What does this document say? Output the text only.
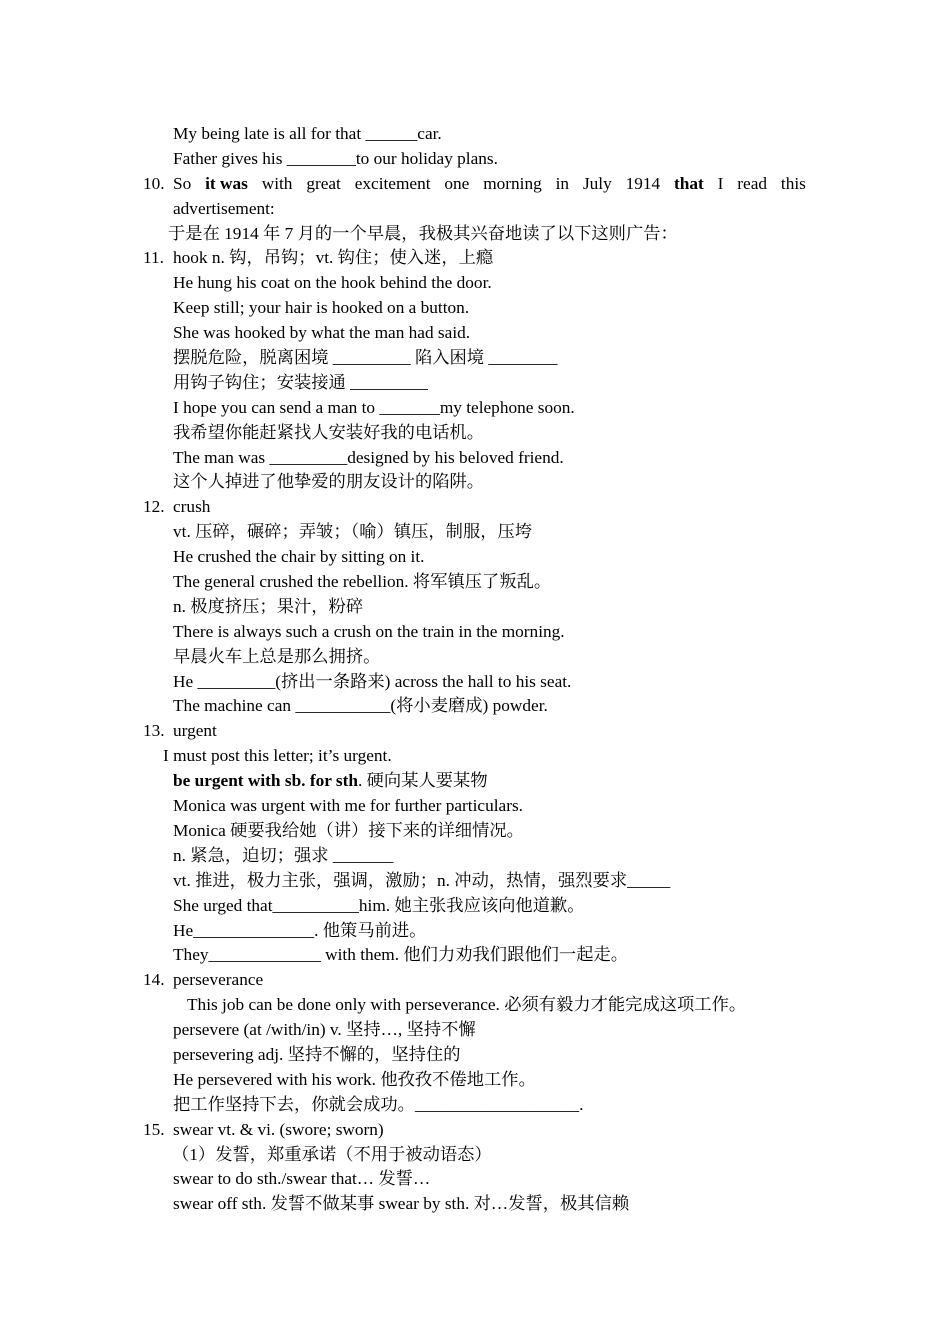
My being late is all for that ______car.
Father gives his ________to our holiday plans.
10. So it was with great excitement one morning in July 1914 that I read this
advertisement:
于是在 1914 年 7 月的一个早晨，我极其兴奋地读了以下这则广告：
11. hook n. 钩，吊钩；vt. 钩住；使入迷，上瘾
He hung his coat on the hook behind the door.
Keep still; your hair is hooked on a button.
She was hooked by what the man had said.
摆脱危险，脱离困境 _________ 陷入困境 ________
用钩子钩住；安装接通 _________
I hope you can send a man to _______my telephone soon.
我希望你能赶紧找人安装好我的电话机。
The man was _________designed by his beloved friend.
这个人掉进了他挚爱的朋友设计的陷阱。
12. crush
vt. 压碎，碾碎；弄皱；（喻）镇压，制服，压垮
He crushed the chair by sitting on it.
The general crushed the rebellion. 将军镇压了叛乱。
n. 极度挤压；果汁，粉碎
There is always such a crush on the train in the morning.
早晨火车上总是那么拥挤。
He _________(挤出一条路来) across the hall to his seat.
The machine can ___________(将小麦磨成) powder.
13. urgent
I must post this letter; it’s urgent.
be urgent with sb. for sth. 硬向某人要某物
Monica was urgent with me for further particulars.
Monica 硬要我给她（讲）接下来的详细情况。
n. 紧急，迫切；强求 _______
vt. 推进，极力主张，强调，激励；n. 冲动，热情，强烈要求_____
She urged that__________him. 她主张我应该向他道歉。
He______________. 他策马前进。
They_____________ with them. 他们力劝我们跟他们一起走。
14. perseverance
This job can be done only with perseverance. 必须有毅力才能完成这项工作。
persevere (at /with/in) v. 坚持…, 坚持不懈
persevering adj. 坚持不懈的，坚持住的
He persevered with his work. 他孜孜不倦地工作。
把工作坚持下去，你就会成功。___________________.
15. swear vt. & vi. (swore; sworn)
（1）发誓，郑重承诺（不用于被动语态）
swear to do sth./swear that… 发誓…
swear off sth. 发誓不做某事 swear by sth. 对…发誓，极其信赖
